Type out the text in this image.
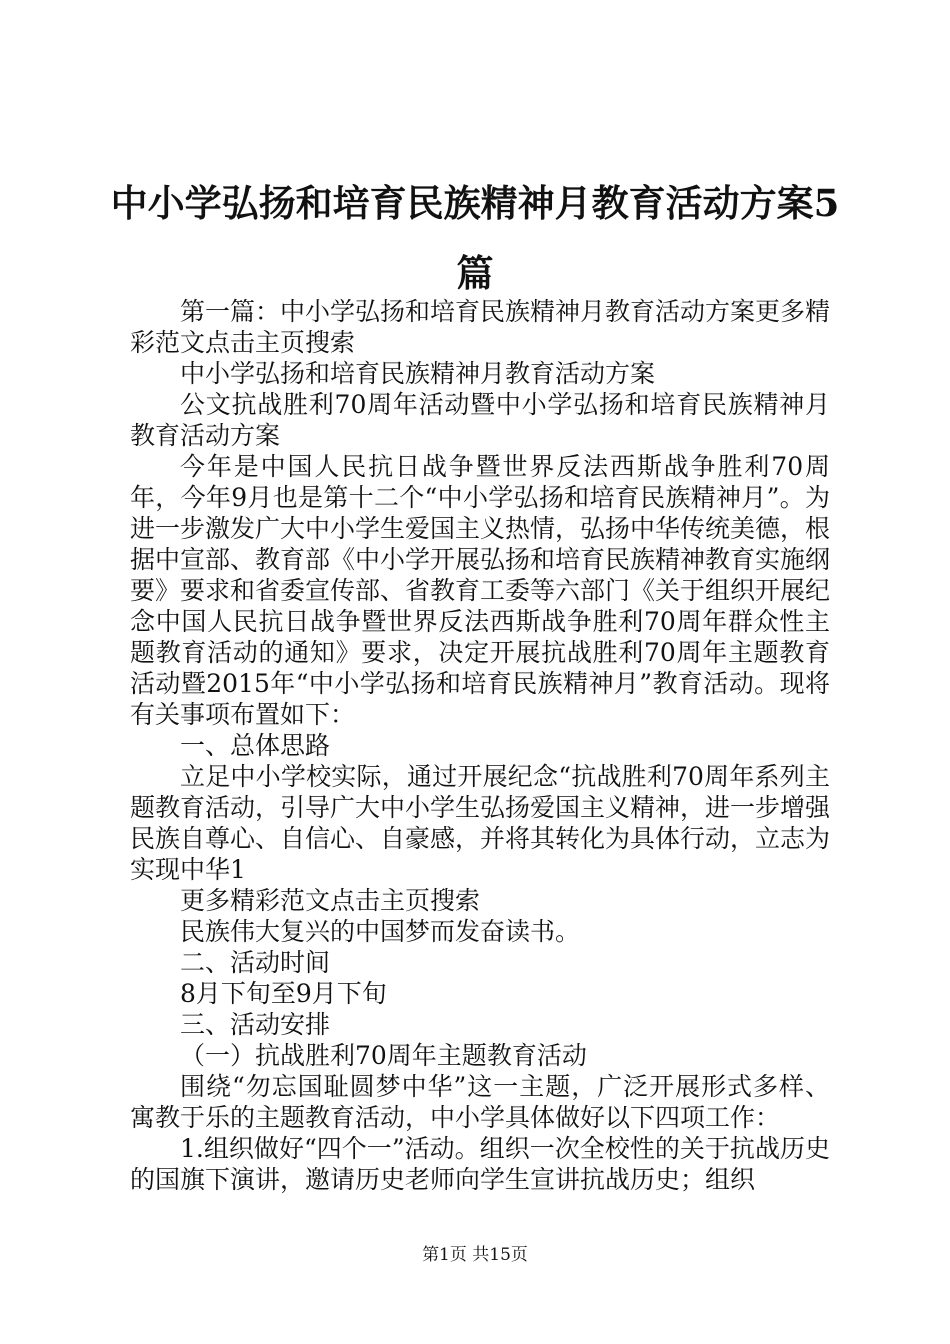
中小学弘扬和培育民族精神月教育活动方案5篇

第一篇：中小学弘扬和培育民族精神月教育活动方案更多精彩范文点击主页搜索

中小学弘扬和培育民族精神月教育活动方案

公文抗战胜利70周年活动暨中小学弘扬和培育民族精神月教育活动方案

今年是中国人民抗日战争暨世界反法西斯战争胜利70周年，今年9月也是第十二个“中小学弘扬和培育民族精神月”。为进一步激发广大中小学生爱国主义热情，弘扬中华传统美德，根据中宣部、教育部《中小学开展弘扬和培育民族精神教育实施纲要》要求和省委宣传部、省教育工委等六部门《关于组织开展纪念中国人民抗日战争暨世界反法西斯战争胜利70周年群众性主题教育活动的通知》要求，决定开展抗战胜利70周年主题教育活动暨2015年“中小学弘扬和培育民族精神月”教育活动。现将有关事项布置如下：

一、总体思路

立足中小学校实际，通过开展纪念“抗战胜利70周年系列主题教育活动，引导广大中小学生弘扬爱国主义精神，进一步增强民族自尊心、自信心、自豪感，并将其转化为具体行动，立志为实现中华1

更多精彩范文点击主页搜索

民族伟大复兴的中国梦而发奋读书。

二、活动时间

8月下旬至9月下旬

三、活动安排

（一）抗战胜利70周年主题教育活动

围绕“勿忘国耻圆梦中华”这一主题，广泛开展形式多样、寓教于乐的主题教育活动，中小学具体做好以下四项工作：

1.组织做好“四个一”活动。组织一次全校性的关于抗战历史的国旗下演讲，邀请历史老师向学生宣讲抗战历史；组织

第1页 共15页
